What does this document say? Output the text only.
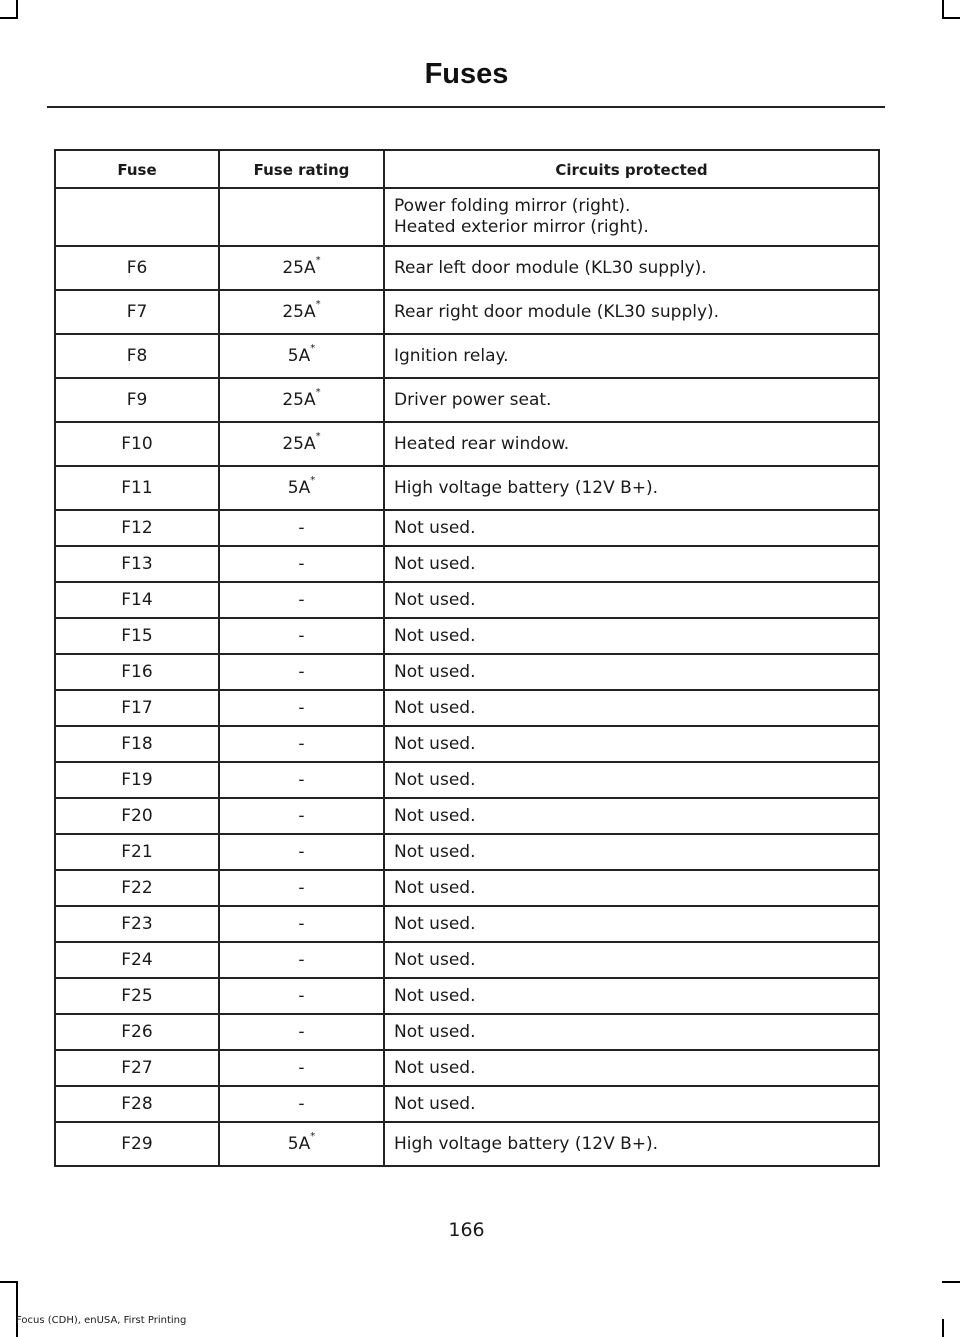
Fuses
Fuse	Fuse rating	Circuits protected

		Power folding mirror (right).
Heated exterior mirror (right).

F6	25A*	Rear left door module (KL30 supply).

F7	25A*	Rear right door module (KL30 supply).

F8	5A*	Ignition relay.

F9	25A*	Driver power seat.

F10	25A*	Heated rear window.

F11	5A*	High voltage battery (12V B+).

F12	-	Not used.

F13	-	Not used.

F14	-	Not used.

F15	-	Not used.

F16	-	Not used.

F17	-	Not used.

F18	-	Not used.

F19	-	Not used.

F20	-	Not used.

F21	-	Not used.

F22	-	Not used.

F23	-	Not used.

F24	-	Not used.

F25	-	Not used.

F26	-	Not used.

F27	-	Not used.

F28	-	Not used.

F29	5A*	High voltage battery (12V B+).
166
Focus (CDH), enUSA, First Printing
